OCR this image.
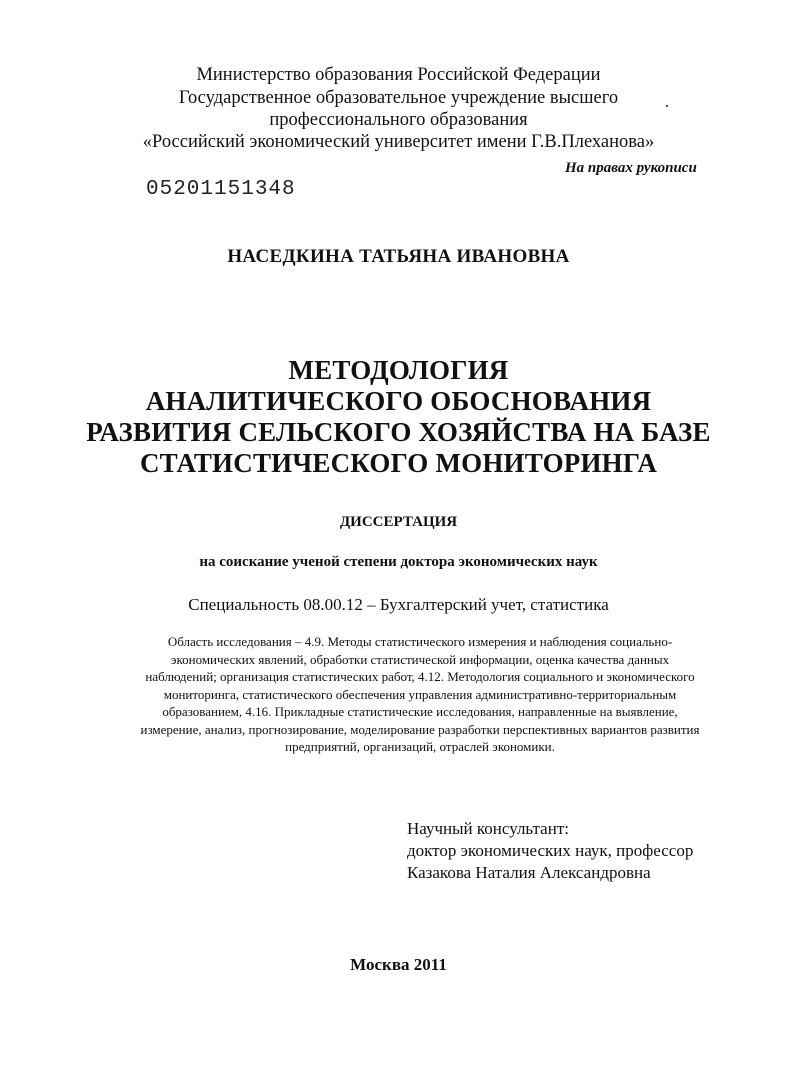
Министерство образования Российской Федерации
Государственное образовательное учреждение высшего
профессионального образования
«Российский экономический университет имени Г.В.Плеханова»
05201151348
На правах рукописи
НАСЕДКИНА ТАТЬЯНА ИВАНОВНА
МЕТОДОЛОГИЯ
АНАЛИТИЧЕСКОГО ОБОСНОВАНИЯ
РАЗВИТИЯ СЕЛЬСКОГО ХОЗЯЙСТВА НА БАЗЕ
СТАТИСТИЧЕСКОГО МОНИТОРИНГА
ДИССЕРТАЦИЯ
на соискание ученой степени доктора экономических наук
Специальность 08.00.12 – Бухгалтерский учет, статистика
Область исследования – 4.9. Методы статистического измерения и наблюдения социально-
экономических явлений, обработки статистической информации, оценка качества данных
наблюдений; организация статистических работ, 4.12. Методология социального и экономического
мониторинга, статистического обеспечения управления административно-территориальным
образованием, 4.16. Прикладные статистические исследования, направленные на выявление,
измерение, анализ, прогнозирование, моделирование разработки перспективных вариантов развития
предприятий, организаций, отраслей экономики.
Научный консультант:
доктор экономических наук, профессор
Казакова Наталия Александровна
Москва 2011
